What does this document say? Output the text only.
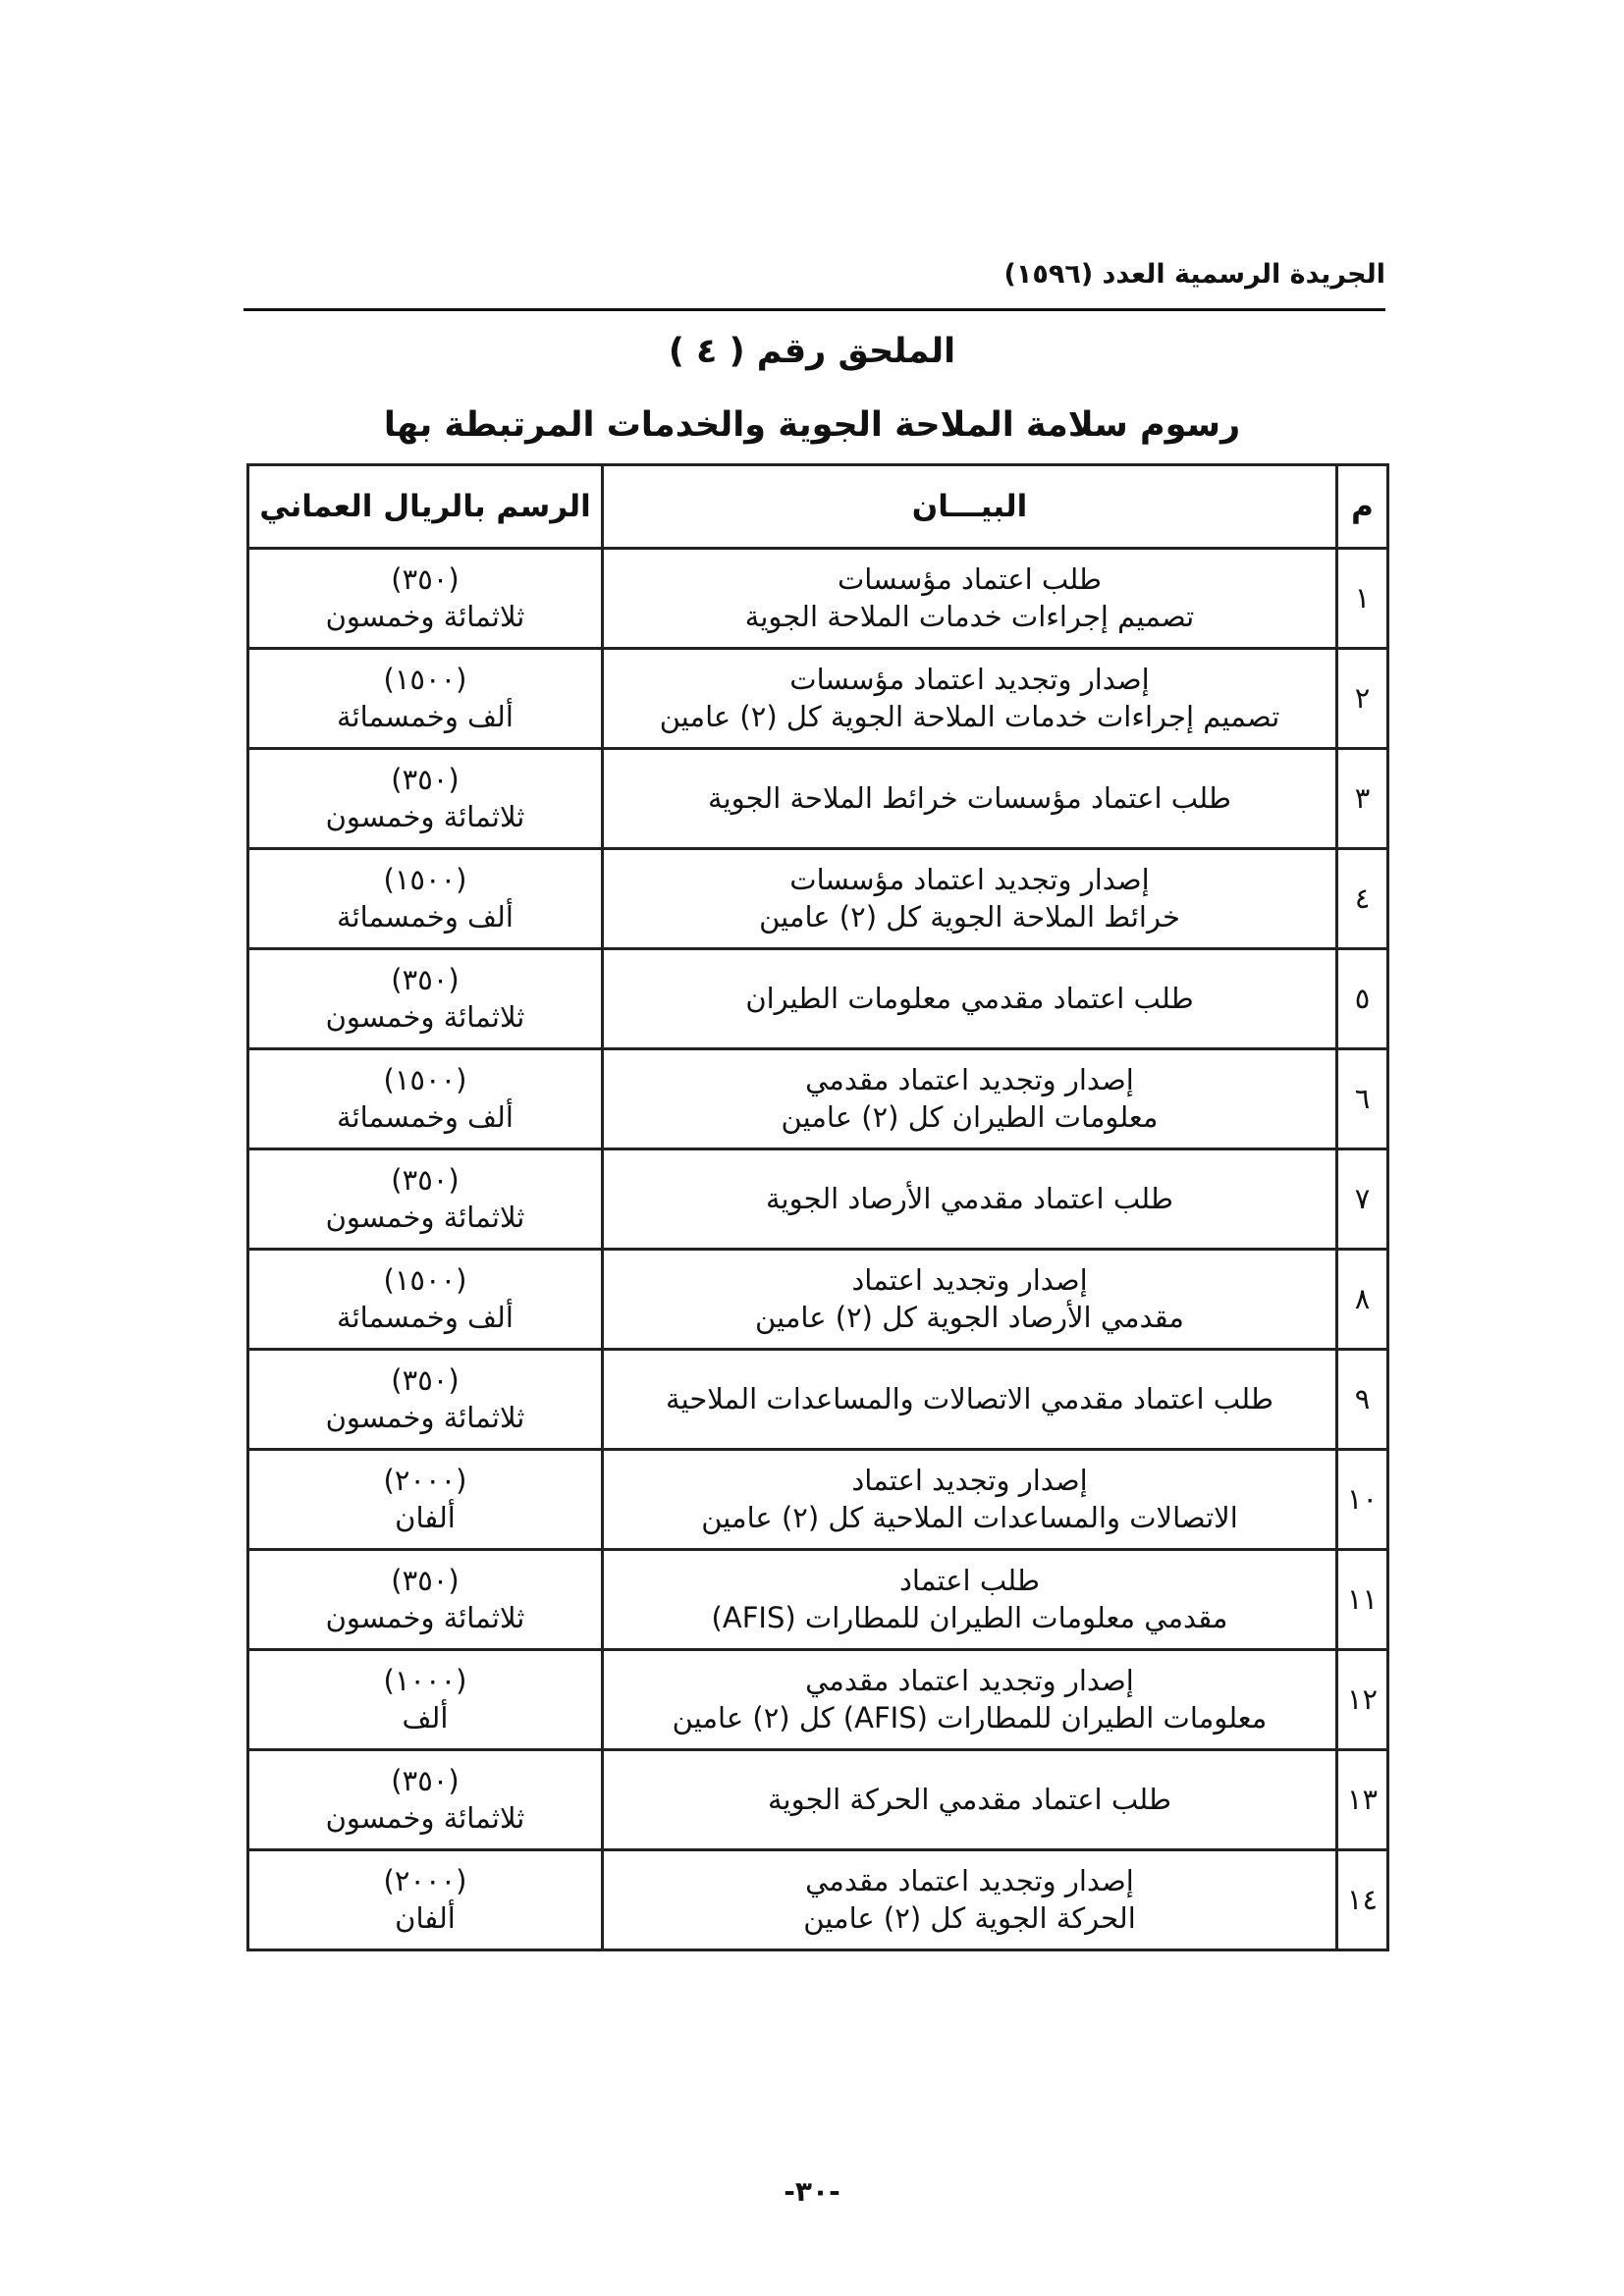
الجريدة الرسمية العدد (١٥٩٦)
الملحق رقم ( ٤ )
رسوم سلامة الملاحة الجوية والخدمات المرتبطة بها
م	البيـــان	الرسم بالريال العماني
١	طلب اعتماد مؤسسات
تصميم إجراءات خدمات الملاحة الجوية	(٣٥٠)
ثلاثمائة وخمسون

٢	إصدار وتجديد اعتماد مؤسسات
تصميم إجراءات خدمات الملاحة الجوية كل (٢) عامين	(١٥٠٠)
ألف وخمسمائة

٣	طلب اعتماد مؤسسات خرائط الملاحة الجوية	(٣٥٠)
ثلاثمائة وخمسون

٤	إصدار وتجديد اعتماد مؤسسات
خرائط الملاحة الجوية كل (٢) عامين	(١٥٠٠)
ألف وخمسمائة

٥	طلب اعتماد مقدمي معلومات الطيران	(٣٥٠)
ثلاثمائة وخمسون

٦	إصدار وتجديد اعتماد مقدمي
معلومات الطيران كل (٢) عامين	(١٥٠٠)
ألف وخمسمائة

٧	طلب اعتماد مقدمي الأرصاد الجوية	(٣٥٠)
ثلاثمائة وخمسون

٨	إصدار وتجديد اعتماد
مقدمي الأرصاد الجوية كل (٢) عامين	(١٥٠٠)
ألف وخمسمائة

٩	طلب اعتماد مقدمي الاتصالات والمساعدات الملاحية	(٣٥٠)
ثلاثمائة وخمسون

١٠	إصدار وتجديد اعتماد
الاتصالات والمساعدات الملاحية كل (٢) عامين	(٢٠٠٠)
ألفان

١١	طلب اعتماد
مقدمي معلومات الطيران للمطارات (AFIS)	(٣٥٠)
ثلاثمائة وخمسون

١٢	إصدار وتجديد اعتماد مقدمي
معلومات الطيران للمطارات (AFIS) كل (٢) عامين	(١٠٠٠)
ألف

١٣	طلب اعتماد مقدمي الحركة الجوية	(٣٥٠)
ثلاثمائة وخمسون

١٤	إصدار وتجديد اعتماد مقدمي
الحركة الجوية كل (٢) عامين	(٢٠٠٠)
ألفان
-٣٠-
